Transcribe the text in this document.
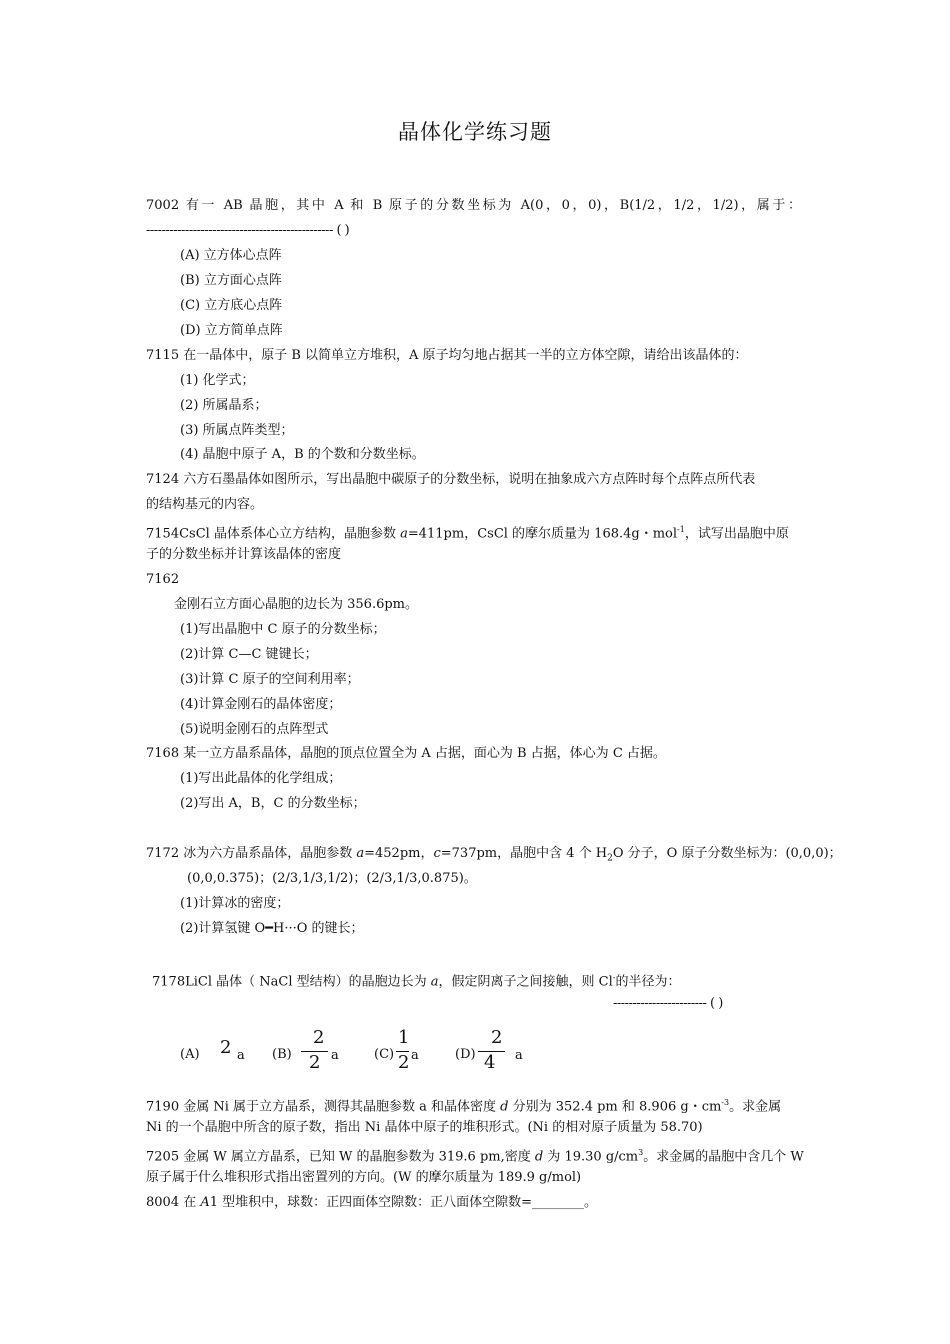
晶体化学练习题
7002 有一 AB 晶胞，其中 A 和 B 原子的分数坐标为 A(0，0，0)，B(1/2，1/2，1/2)，属于：
------------------------------------------------ ( )
(A) 立方体心点阵
(B) 立方面心点阵
(C) 立方底心点阵
(D) 立方简单点阵
7115 在一晶体中，原子 B 以简单立方堆积，A 原子均匀地占据其一半的立方体空隙，请给出该晶体的：
(1) 化学式；
(2) 所属晶系；
(3) 所属点阵类型；
(4) 晶胞中原子 A，B 的个数和分数坐标。
7124 六方石墨晶体如图所示，写出晶胞中碳原子的分数坐标，说明在抽象成六方点阵时每个点阵点所代表
的结构基元的内容。
7154CsCl 晶体系体心立方结构，晶胞参数 a=411pm，CsCl 的摩尔质量为 168.4g・mol$^{-1}$，试写出晶胞中原
子的分数坐标并计算该晶体的密度
7162
金刚石立方面心晶胞的边长为 356.6pm。
(1)写出晶胞中 C 原子的分数坐标；
(2)计算 C—C 键键长；
(3)计算 C 原子的空间利用率；
(4)计算金刚石的晶体密度；
(5)说明金刚石的点阵型式
7168 某一立方晶系晶体，晶胞的顶点位置全为 A 占据，面心为 B 占据，体心为 C 占据。
(1)写出此晶体的化学组成；
(2)写出 A，B，C 的分数坐标；
7172 冰为六方晶系晶体，晶胞参数 a=452pm，c=737pm，晶胞中含 4 个 $H_2O$ 分子，O 原子分数坐标为：(0,0,0)；
(0,0,0.375)；(2/3,1/3,1/2)；(2/3,1/3,0.875)。
(1)计算冰的密度；
(2)计算氢键 O━H···O 的键长；
7178LiCl 晶体（ NaCl 型结构）的晶胞边长为 a，假定阴离子之间接触，则 Cl-的半径为：
------------------------ ( )
(A) 2 a (B)
2
2 a	(C)
1
2 a	(D)
2
4 a
7190 金属 Ni 属于立方晶系，测得其晶胞参数 a 和晶体密度 d 分别为 352.4 pm 和 8.906 g・$cm^{-3}$。求金属
Ni 的一个晶胞中所含的原子数，指出 Ni 晶体中原子的堆积形式。(Ni 的相对原子质量为 58.70)
7205 金属 W 属立方晶系，已知 W 的晶胞参数为 319.6 pm,密度 d 为 19.30 $g/cm^3$。求金属的晶胞中含几个 W
原子属于什么堆积形式指出密置列的方向。(W 的摩尔质量为 189.9 g/mol)
8004 在 A1 型堆积中，球数：正四面体空隙数：正八面体空隙数=________。
